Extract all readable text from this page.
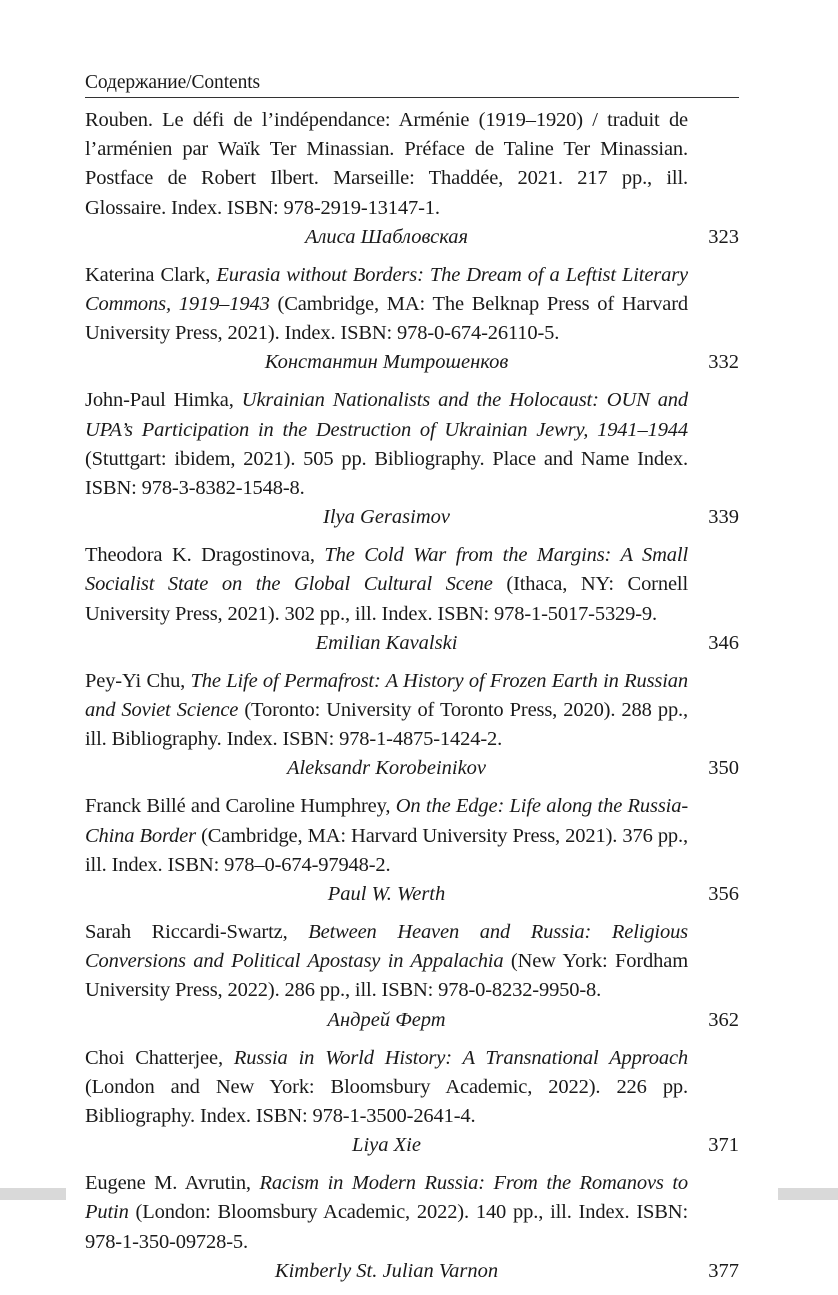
Содержание/Contents
Rouben. Le défi de l’indépendance: Arménie (1919–1920) / traduit de l’arménien par Waïk Ter Minassian. Préface de Taline Ter Minassian. Postface de Robert Ilbert. Marseille: Thaddée, 2021. 217 pp., ill. Glossaire. Index. ISBN: 978-2919-13147-1.
Алиса Шабловская	323
Katerina Clark, Eurasia without Borders: The Dream of a Leftist Literary Commons, 1919–1943 (Cambridge, MA: The Belknap Press of Harvard University Press, 2021). Index. ISBN: 978-0-674-26110-5.
Константин Митрошенков	332
John-Paul Himka, Ukrainian Nationalists and the Holocaust: OUN and UPA’s Participation in the Destruction of Ukrainian Jewry, 1941–1944 (Stuttgart: ibidem, 2021). 505 pp. Bibliography. Place and Name Index. ISBN: 978-3-8382-1548-8.
Ilya Gerasimov	339
Theodora K. Dragostinova, The Cold War from the Margins: A Small Socialist State on the Global Cultural Scene (Ithaca, NY: Cornell University Press, 2021). 302 pp., ill. Index. ISBN: 978-1-5017-5329-9.
Emilian Kavalski	346
Pey-Yi Chu, The Life of Permafrost: A History of Frozen Earth in Russian and Soviet Science (Toronto: University of Toronto Press, 2020). 288 pp., ill. Bibliography. Index. ISBN: 978-1-4875-1424-2.
Aleksandr Korobeinikov	350
Franck Billé and Caroline Humphrey, On the Edge: Life along the Russia-China Border (Cambridge, MA: Harvard University Press, 2021). 376 pp., ill. Index. ISBN: 978–0-674-97948-2.
Paul W. Werth	356
Sarah Riccardi-Swartz, Between Heaven and Russia: Religious Conversions and Political Apostasy in Appalachia (New York: Fordham University Press, 2022). 286 pp., ill. ISBN: 978-0-8232-9950-8.
Андрей Ферт	362
Choi Chatterjee, Russia in World History: A Transnational Approach (London and New York: Bloomsbury Academic, 2022). 226 pp. Bibliography. Index. ISBN: 978-1-3500-2641-4.
Liya Xie	371
Eugene M. Avrutin, Racism in Modern Russia: From the Romanovs to Putin (London: Bloomsbury Academic, 2022). 140 pp., ill. Index. ISBN: 978-1-350-09728-5.
Kimberly St. Julian Varnon	377
